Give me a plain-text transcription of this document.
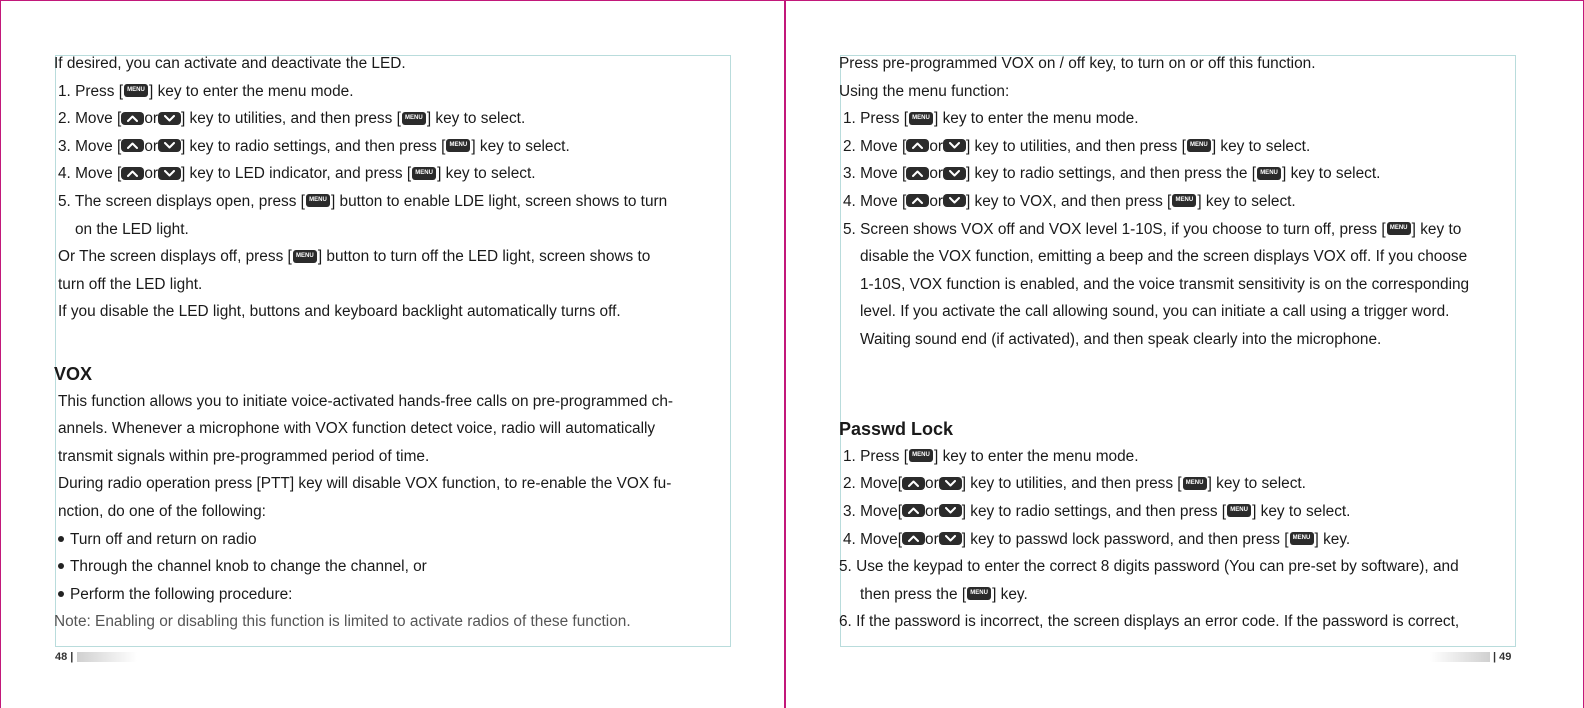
If desired, you can activate and deactivate the LED.
1. Press [ MENU ] key to enter the menu mode.
2. Move [ or ] key to utilities, and then press [ MENU ] key to select.
3. Move [ or ] key to radio settings, and then press [ MENU ] key to select.
4. Move [ or ] key to LED indicator, and press [ MENU ] key to select.
5. The screen displays open, press [ MENU ] button to enable LDE light, screen shows to turn
on the LED light.
Or The screen displays off, press [ MENU ] button to turn off the LED light, screen shows to
turn off the LED light.
If you disable the LED light, buttons and keyboard backlight automatically turns off.
VOX
This function allows you to initiate voice-activated hands-free calls on pre-programmed ch-
annels. Whenever a microphone with VOX function detect voice, radio will automatically
transmit signals within pre-programmed period of time.
During radio operation press [PTT] key will disable VOX function, to re-enable the VOX fu-
nction, do one of the following:
Turn off and return on radio
Through the channel knob to change the channel, or
Perform the following procedure:
Note: Enabling or disabling this function is limited to activate radios of these function.
Press pre-programmed VOX on / off key, to turn on or off this function.
Using the menu function:
1. Press [ MENU ] key to enter the menu mode.
2. Move [ or ] key to utilities, and then press [ MENU ] key to select.
3. Move [ or ] key to radio settings, and then press the [ MENU ] key to select.
4. Move [ or ] key to VOX, and then press [ MENU ] key to select.
5. Screen shows VOX off and VOX level 1-10S, if you choose to turn off, press [ MENU ] key to
disable the VOX function, emitting a beep and the screen displays VOX off. If you choose
1-10S, VOX function is enabled, and the voice transmit sensitivity is on the corresponding
level. If you activate the call allowing sound, you can initiate a call using a trigger word.
Waiting sound end (if activated), and then speak clearly into the microphone.
Passwd Lock
1. Press [ MENU ] key to enter the menu mode.
2. Move[ or ] key to utilities, and then press [ MENU ] key to select.
3. Move[ or ] key to radio settings, and then press [ MENU ] key to select.
4. Move[ or ] key to passwd lock password, and then press [ MENU ] key.
5. Use the keypad to enter the correct 8 digits password (You can pre-set by software), and
then press the [ MENU ] key.
6. If the password is incorrect, the screen displays an error code. If the password is correct,
48 |	| 49
